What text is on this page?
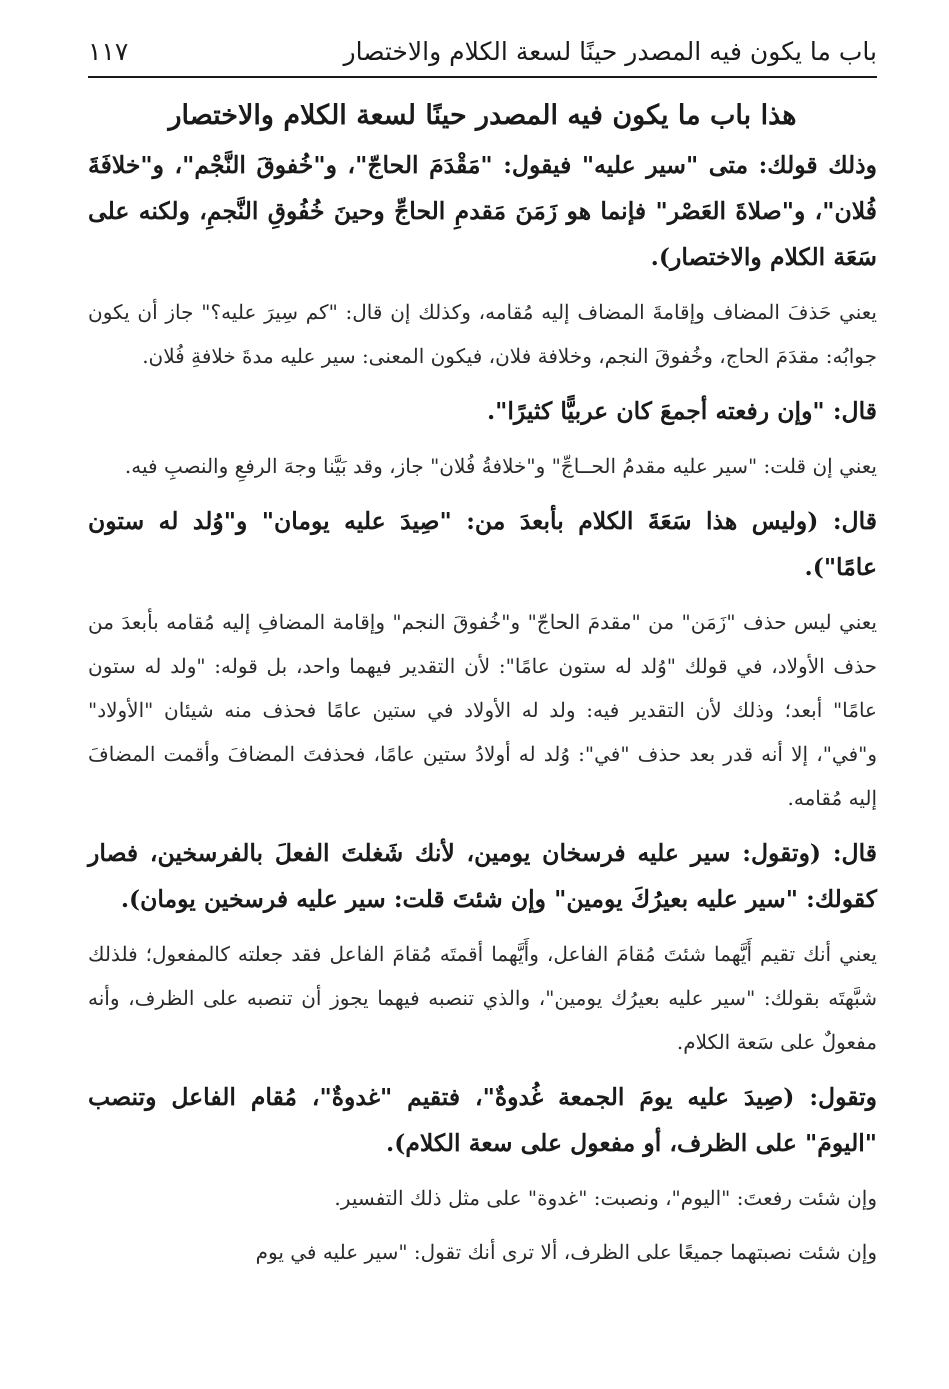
باب ما يكون فيه المصدر حينًا لسعة الكلام والاختصار
١١٧
هذا باب ما يكون فيه المصدر حينًا لسعة الكلام والاختصار

وذلك قولك: متى "سير عليه" فيقول: "مَقْدَمَ الحاجّ"، و"خُفوقَ النَّجْم"، و"خلافَةَ فُلان"، و"صلاةَ العَصْر" فإنما هو زَمَنَ مَقدمِ الحاجِّ وحينَ خُفُوقِ النَّجمِ، ولكنه على سَعَة الكلام والاختصار).

يعني حَذفَ المضاف وإقامةَ المضاف إليه مُقامه، وكذلك إن قال: "كم سِيرَ عليه؟" جاز أن يكون جوابُه: مقدَمَ الحاج، وخُفوقَ النجم، وخلافة فلان، فيكون المعنى: سير عليه مدةَ خلافةِ فُلان.

قال: "وإن رفعته أجمعَ كان عربيًّا كثيرًا".

يعني إن قلت: "سير عليه مقدمُ الحــاجِّ" و"خلافةُ فُلان" جاز، وقد بَيَّنا وجهَ الرفعِ والنصبِ فيه.

قال: (وليس هذا سَعَةَ الكلام بأبعدَ من: "صِيدَ عليه يومان" و"وُلد له ستون عامًا").

يعني ليس حذف "زَمَن" من "مقدمَ الحاجّ" و"خُفوقَ النجم" وإقامة المضافِ إليه مُقامه بأبعدَ من حذف الأولاد، في قولك "وُلد له ستون عامًا": لأن التقدير فيهما واحد، بل قوله: "ولد له ستون عامًا" أبعد؛ وذلك لأن التقدير فيه: ولد له الأولاد في ستين عامًا فحذف منه شيئان "الأولاد" و"في"، إلا أنه قدر بعد حذف "في": وُلد له أولادُ ستين عامًا، فحذفتَ المضافَ وأقمت المضافَ إليه مُقامه.

قال: (وتقول: سير عليه فرسخان يومين، لأنك شَغلتَ الفعلَ بالفرسخين، فصار كقولك: "سير عليه بعيرُكَ يومين" وإن شئتَ قلت: سير عليه فرسخين يومان).

يعني أنك تقيم أَيَّهما شئتَ مُقامَ الفاعل، وأَيَّهما أقمتَه مُقامَ الفاعل فقد جعلته كالمفعول؛ فلذلك شبَّهتَه بقولك: "سير عليه بعيرُك يومين"، والذي تنصبه فيهما يجوز أن تنصبه على الظرف، وأنه مفعولٌ على سَعة الكلام.

وتقول: (صِيدَ عليه يومَ الجمعة غُدوةٌ"، فتقيم "غدوةٌ"، مُقام الفاعل وتنصب "اليومَ" على الظرف، أو مفعول على سعة الكلام).

وإن شئت رفعتَ: "اليوم"، ونصبت: "غدوة" على مثل ذلك التفسير.

وإن شئت نصبتهما جميعًا على الظرف، ألا ترى أنك تقول: "سير عليه في يوم
